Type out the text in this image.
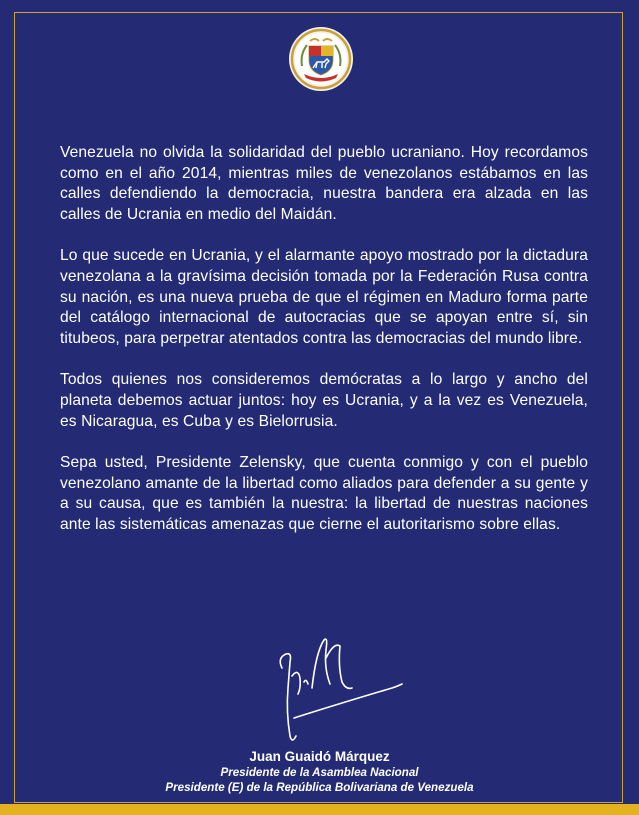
Venezuela no olvida la solidaridad del pueblo ucraniano. Hoy recordamos como en el año 2014, mientras miles de venezolanos estábamos en las calles defendiendo la democracia, nuestra bandera era alzada en las calles de Ucrania en medio del Maidán.

Lo que sucede en Ucrania, y el alarmante apoyo mostrado por la dictadura venezolana a la gravísima decisión tomada por la Federación Rusa contra su nación, es una nueva prueba de que el régimen en Maduro forma parte del catálogo internacional de autocracias que se apoyan entre sí, sin titubeos, para perpetrar atentados contra las democracias del mundo libre.

Todos quienes nos consideremos demócratas a lo largo y ancho del planeta debemos actuar juntos: hoy es Ucrania, y a la vez es Venezuela, es Nicaragua, es Cuba y es Bielorrusia.

Sepa usted, Presidente Zelensky, que cuenta conmigo y con el pueblo venezolano amante de la libertad como aliados para defender a su gente y a su causa, que es también la nuestra: la libertad de nuestras naciones ante las sistemáticas amenazas que cierne el autoritarismo sobre ellas.

Juan Guaidó Márquez
Presidente de la Asamblea Nacional
Presidente (E) de la República Bolivariana de Venezuela
